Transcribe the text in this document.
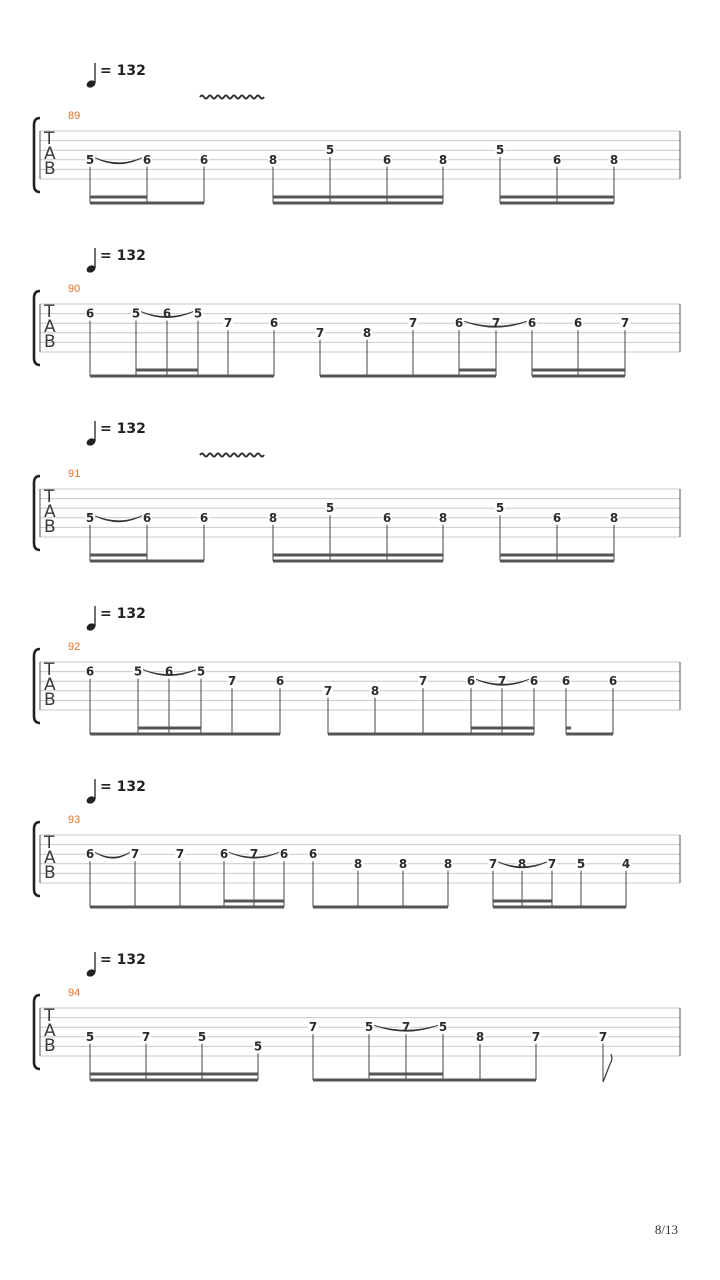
= 132
89
T
A
B	5	6	6	8
5
6	8
5
6	8
= 132
90
T
A
B
6	5 6 5
7	6
7	8
7	6 7 6	6	7
= 132
91
T
A
B	5	6	6	8
5
6	8
5
6	8
= 132
92
T
A
B
6	5 6 5
7	6
7	8
7	6 7 6 6	6
= 132
93
T
A
B
6	7	7	6 7 6 6
8	8	8	7 8 7 5	4
= 132
94
T
A
B	5	7	5
5
7	5 7 5
8	7	7
8/13
